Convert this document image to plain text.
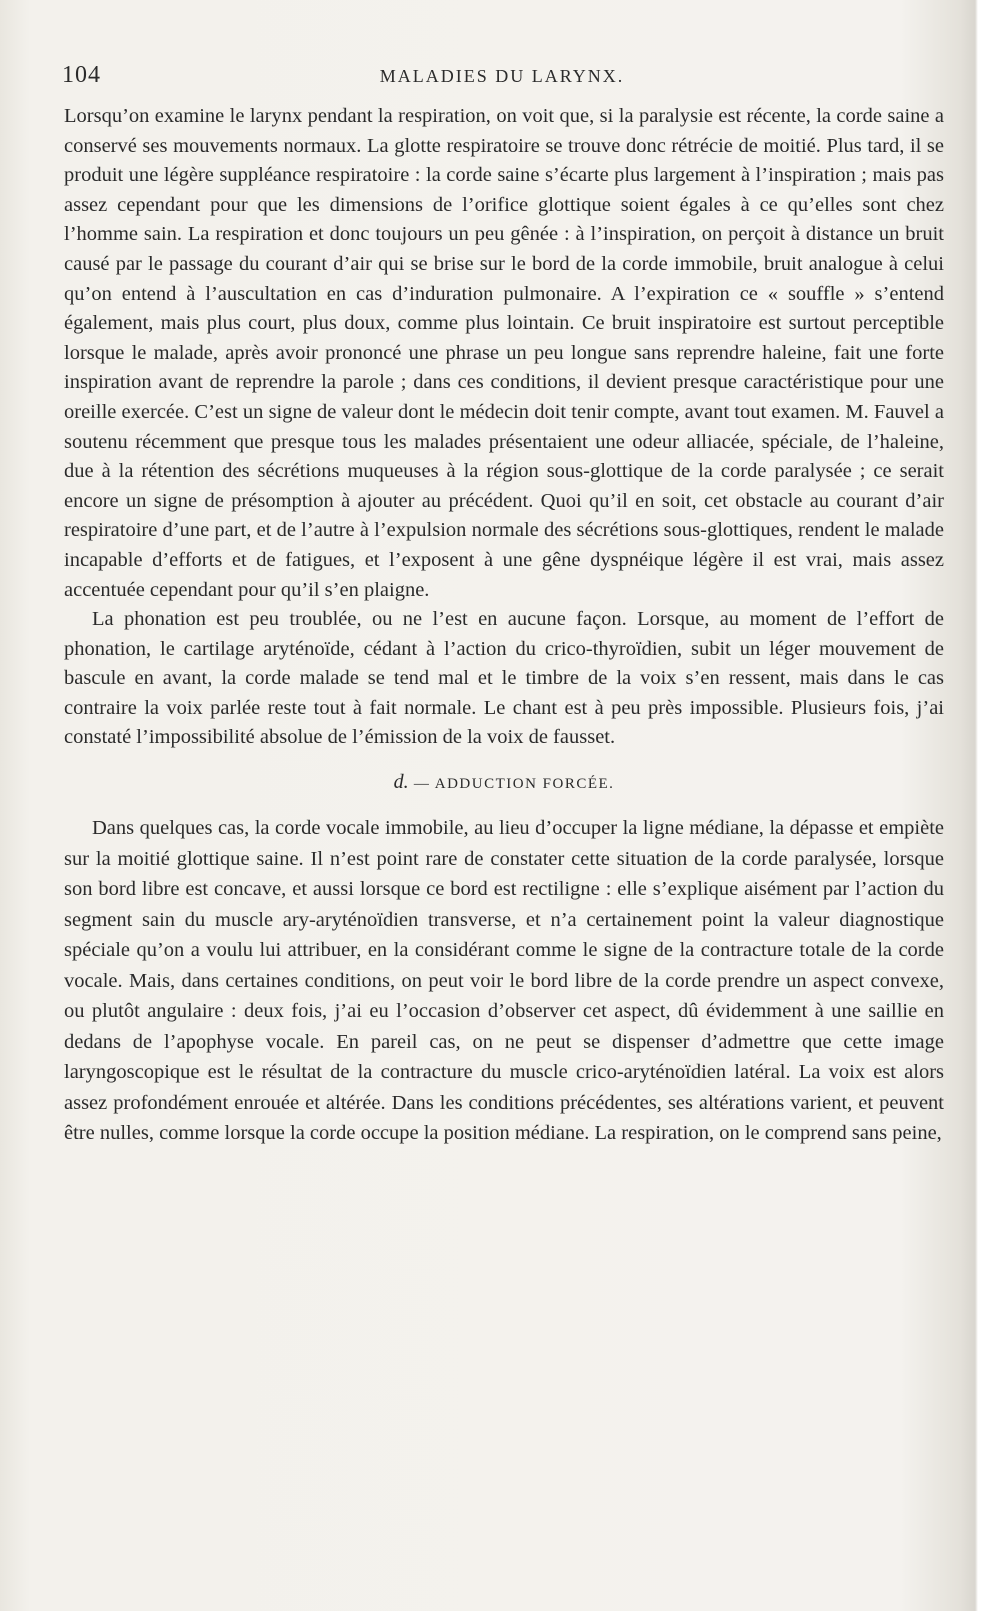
104	MALADIES DU LARYNX.

Lorsqu’on examine le larynx pendant la respiration, on voit que, si la paralysie est récente, la corde saine a conservé ses mouvements normaux. La glotte respiratoire se trouve donc rétrécie de moitié. Plus tard, il se produit une légère suppléance respiratoire : la corde saine s’écarte plus largement à l’inspiration ; mais pas assez cependant pour que les dimensions de l’orifice glottique soient égales à ce qu’elles sont chez l’homme sain. La respiration et donc toujours un peu gênée : à l’inspiration, on perçoit à distance un bruit causé par le passage du courant d’air qui se brise sur le bord de la corde immobile, bruit analogue à celui qu’on entend à l’auscultation en cas d’induration pulmonaire. A l’expiration ce « souffle » s’entend également, mais plus court, plus doux, comme plus lointain. Ce bruit inspiratoire est surtout perceptible lorsque le malade, après avoir prononcé une phrase un peu longue sans reprendre haleine, fait une forte inspiration avant de reprendre la parole ; dans ces conditions, il devient presque caractéristique pour une oreille exercée. C’est un signe de valeur dont le médecin doit tenir compte, avant tout examen. M. Fauvel a soutenu récemment que presque tous les malades présentaient une odeur alliacée, spéciale, de l’haleine, due à la rétention des sécrétions muqueuses à la région sous-glottique de la corde paralysée ; ce serait encore un signe de présomption à ajouter au précédent. Quoi qu’il en soit, cet obstacle au courant d’air respiratoire d’une part, et de l’autre à l’expulsion normale des sécrétions sous-glottiques, rendent le malade incapable d’efforts et de fatigues, et l’exposent à une gêne dyspnéique légère il est vrai, mais assez accentuée cependant pour qu’il s’en plaigne.

La phonation est peu troublée, ou ne l’est en aucune façon. Lorsque, au moment de l’effort de phonation, le cartilage aryténoïde, cédant à l’action du crico-thyroïdien, subit un léger mouvement de bascule en avant, la corde malade se tend mal et le timbre de la voix s’en ressent, mais dans le cas contraire la voix parlée reste tout à fait normale. Le chant est à peu près impossible. Plusieurs fois, j’ai constaté l’impossibilité absolue de l’émission de la voix de fausset.

d. — ADDUCTION FORCÉE.

Dans quelques cas, la corde vocale immobile, au lieu d’occuper la ligne médiane, la dépasse et empiète sur la moitié glottique saine. Il n’est point rare de constater cette situation de la corde paralysée, lorsque son bord libre est concave, et aussi lorsque ce bord est rectiligne : elle s’explique aisément par l’action du segment sain du muscle ary-aryténoïdien transverse, et n’a certainement point la valeur diagnostique spéciale qu’on a voulu lui attribuer, en la considérant comme le signe de la contracture totale de la corde vocale. Mais, dans certaines conditions, on peut voir le bord libre de la corde prendre un aspect convexe, ou plutôt angulaire : deux fois, j’ai eu l’occasion d’observer cet aspect, dû évidemment à une saillie en dedans de l’apophyse vocale. En pareil cas, on ne peut se dispenser d’admettre que cette image laryngoscopique est le résultat de la contracture du muscle crico-aryténoïdien latéral. La voix est alors assez profondément enrouée et altérée. Dans les conditions précédentes, ses altérations varient, et peuvent être nulles, comme lorsque la corde occupe la position médiane. La respiration, on le comprend sans peine,
